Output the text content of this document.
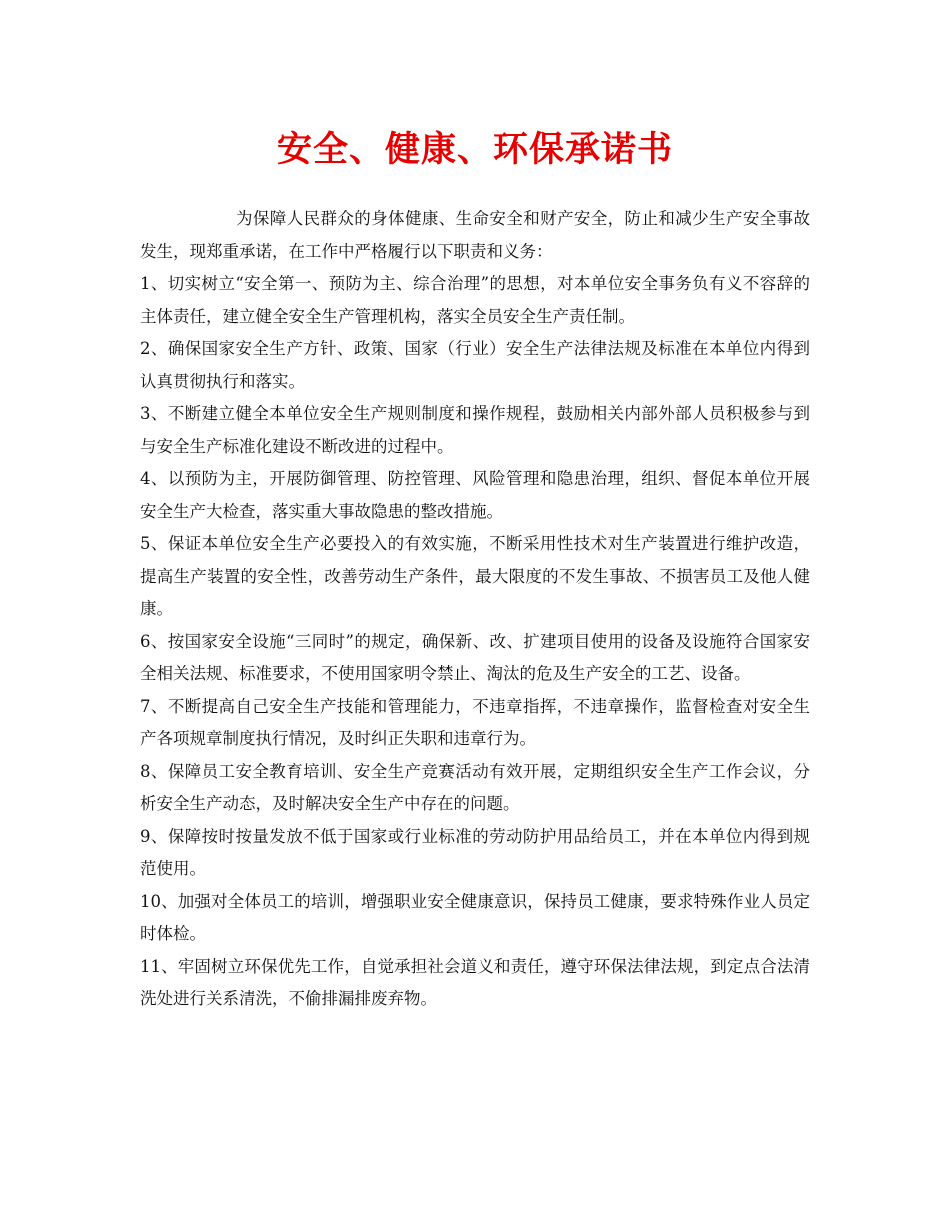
安全、健康、环保承诺书

为保障人民群众的身体健康、生命安全和财产安全，防止和减少生产安全事故发生，现郑重承诺，在工作中严格履行以下职责和义务：

1、切实树立“安全第一、预防为主、综合治理”的思想，对本单位安全事务负有义不容辞的主体责任，建立健全安全生产管理机构，落实全员安全生产责任制。

2、确保国家安全生产方针、政策、国家（行业）安全生产法律法规及标准在本单位内得到认真贯彻执行和落实。

3、不断建立健全本单位安全生产规则制度和操作规程，鼓励相关内部外部人员积极参与到与安全生产标准化建设不断改进的过程中。

4、以预防为主，开展防御管理、防控管理、风险管理和隐患治理，组织、督促本单位开展安全生产大检查，落实重大事故隐患的整改措施。

5、保证本单位安全生产必要投入的有效实施，不断采用性技术对生产装置进行维护改造，提高生产装置的安全性，改善劳动生产条件，最大限度的不发生事故、不损害员工及他人健康。

6、按国家安全设施“三同时”的规定，确保新、改、扩建项目使用的设备及设施符合国家安全相关法规、标准要求，不使用国家明令禁止、淘汰的危及生产安全的工艺、设备。

7、不断提高自己安全生产技能和管理能力，不违章指挥，不违章操作，监督检查对安全生产各项规章制度执行情况，及时纠正失职和违章行为。

8、保障员工安全教育培训、安全生产竞赛活动有效开展，定期组织安全生产工作会议，分析安全生产动态，及时解决安全生产中存在的问题。

9、保障按时按量发放不低于国家或行业标准的劳动防护用品给员工，并在本单位内得到规范使用。

10、加强对全体员工的培训，增强职业安全健康意识，保持员工健康，要求特殊作业人员定时体检。

11、牢固树立环保优先工作，自觉承担社会道义和责任，遵守环保法律法规，到定点合法清洗处进行关系清洗，不偷排漏排废弃物。
